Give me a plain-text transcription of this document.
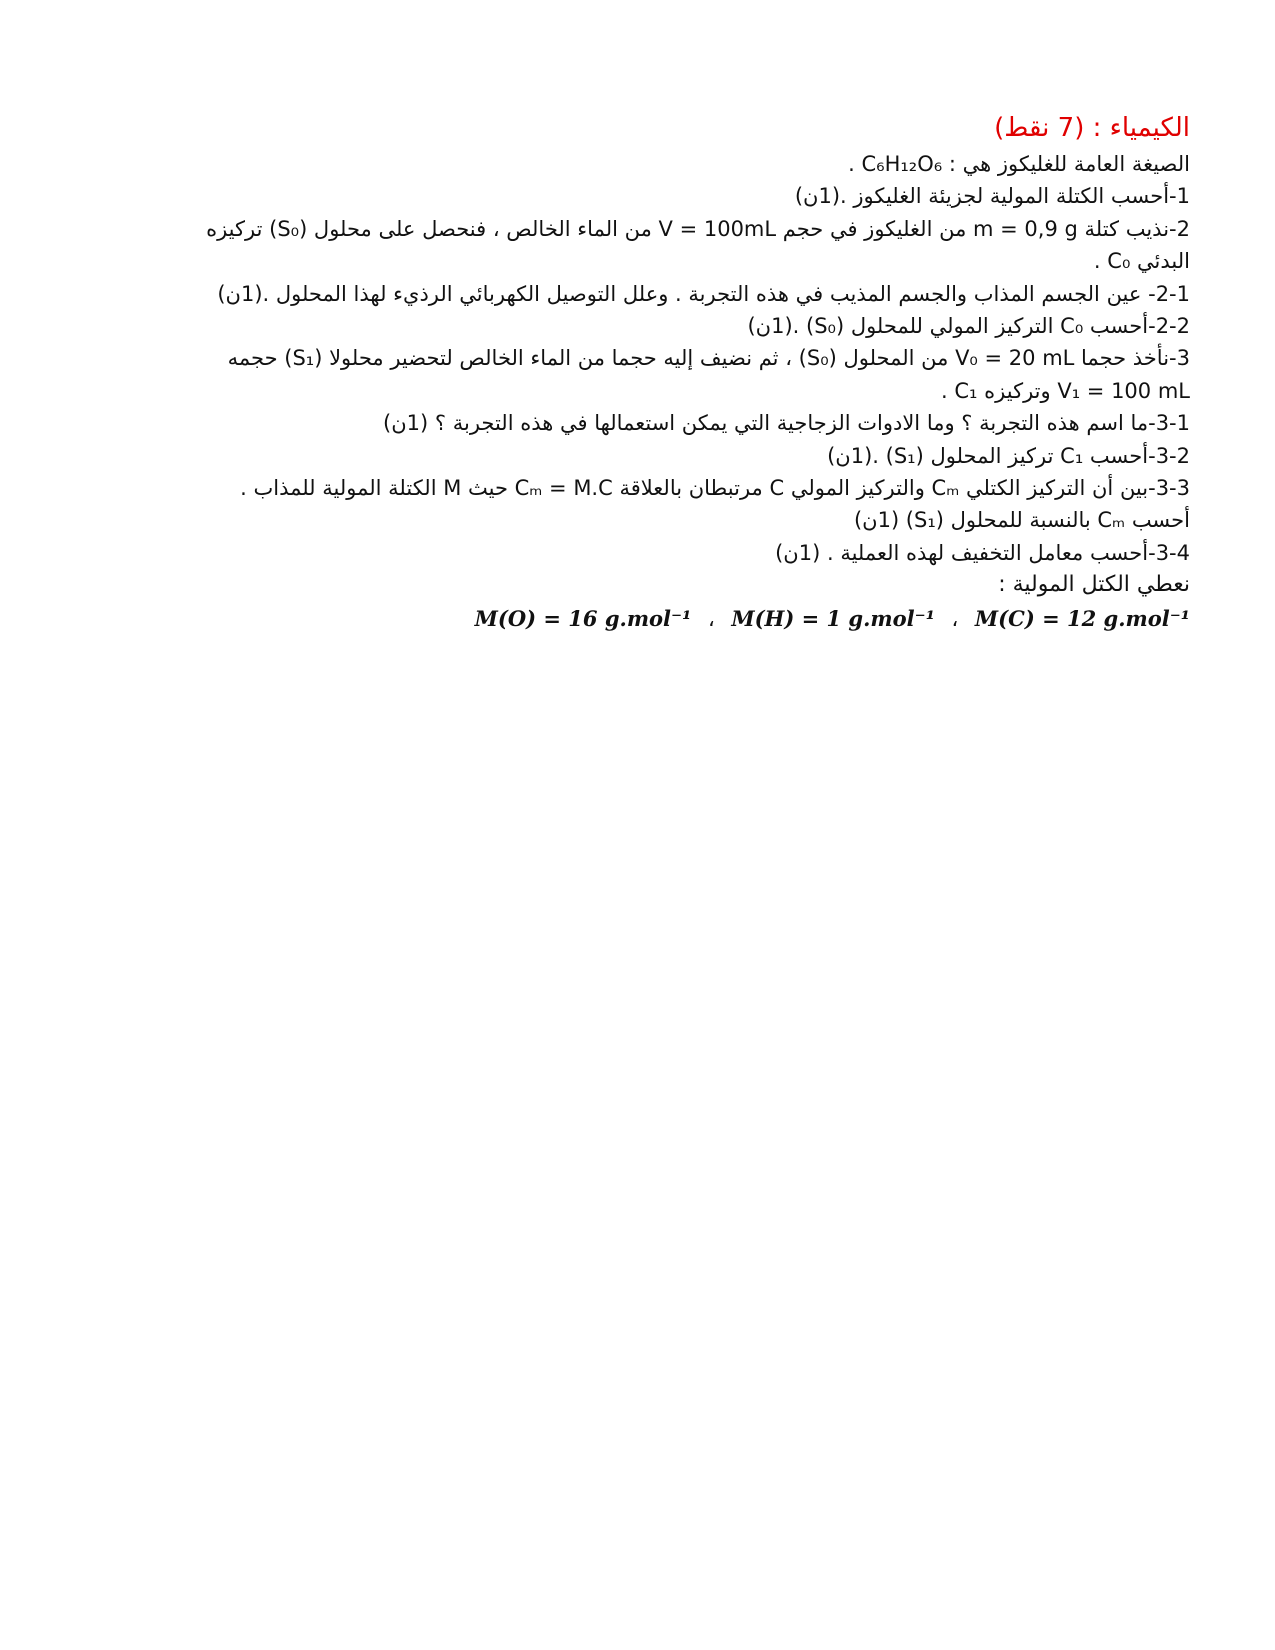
الكيمياء : (7 نقط)
الصيغة العامة للغليكوز هي : C₆H₁₂O₆ .
1-أحسب الكتلة المولية لجزيئة الغليكوز .(1ن)
2-نذيب كتلة m = 0,9 g من الغليكوز في حجم V = 100mL من الماء الخالص ، فنحصل على محلول (S₀) تركيزه
البدئي C₀ .
2-1- عين الجسم المذاب والجسم المذيب في هذه التجربة . وعلل التوصيل الكهربائي الرذيء لهذا المحلول .(1ن)
2-2-أحسب C₀ التركيز المولي للمحلول (S₀) .(1ن)
3-نأخذ حجما V₀ = 20 mL من المحلول (S₀) ، ثم نضيف إليه حجما من الماء الخالص لتحضير محلولا (S₁) حجمه
V₁ = 100 mL وتركيزه C₁ .
3-1-ما اسم هذه التجربة ؟ وما الادوات الزجاجية التي يمكن استعمالها في هذه التجربة ؟ (1ن)
3-2-أحسب C₁ تركيز المحلول (S₁) .(1ن)
3-3-بين أن التركيز الكتلي Cₘ والتركيز المولي C مرتبطان بالعلاقة Cₘ = M.C حيث M الكتلة المولية للمذاب .
أحسب Cₘ بالنسبة للمحلول (S₁) (1ن)
3-4-أحسب معامل التخفيف لهذه العملية . (1ن)
نعطي الكتل المولية :
M(O) = 16 g.mol⁻¹ ، M(H) = 1 g.mol⁻¹ ، M(C) = 12 g.mol⁻¹
